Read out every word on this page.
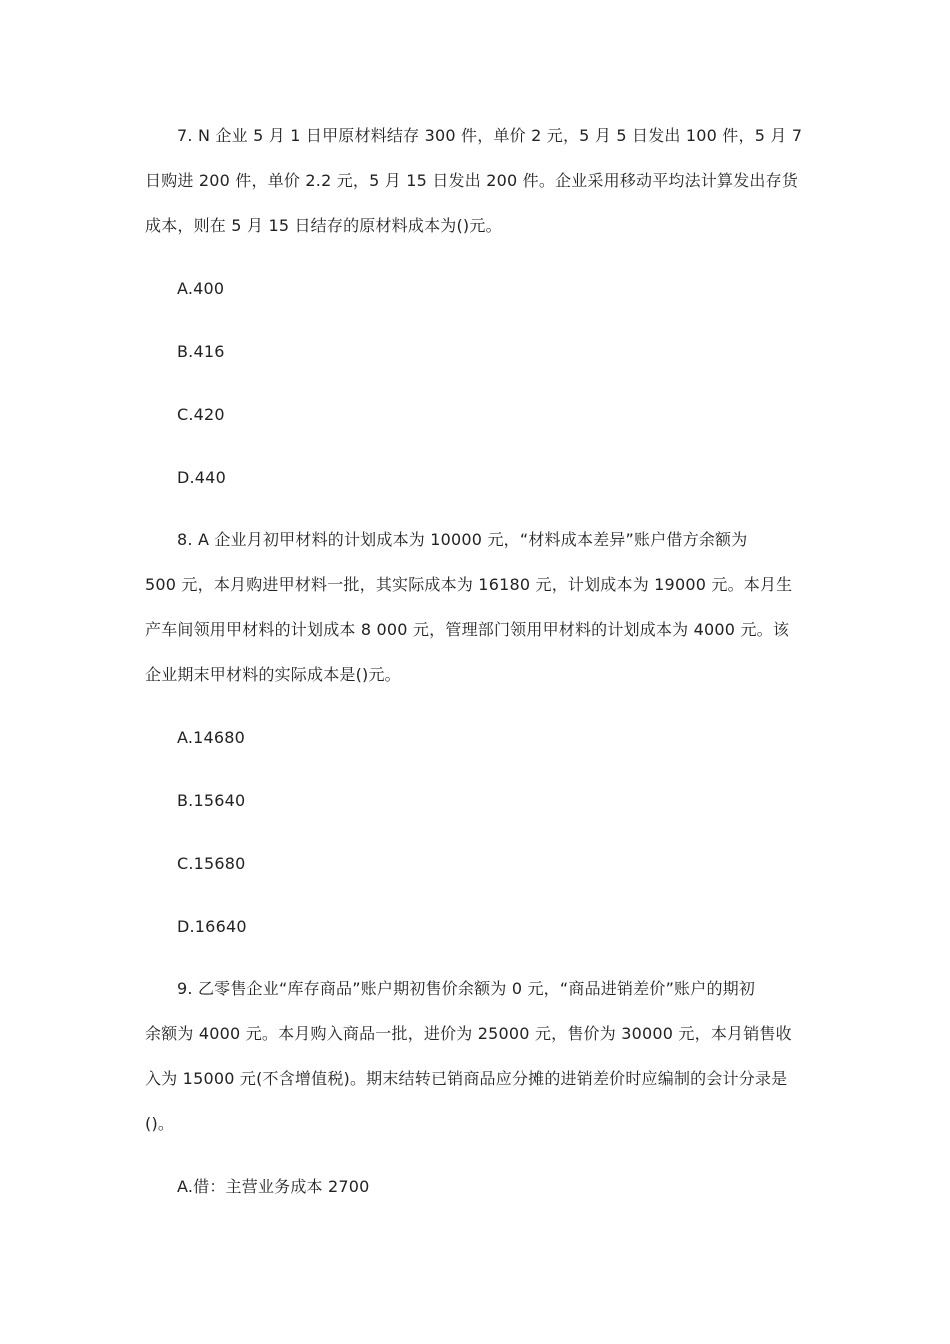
7. N 企业 5 月 1 日甲原材料结存 300 件，单价 2 元，5 月 5 日发出 100 件，5 月 7
日购进 200 件，单价 2.2 元，5 月 15 日发出 200 件。企业采用移动平均法计算发出存货
成本，则在 5 月 15 日结存的原材料成本为()元。
A.400
B.416
C.420
D.440
8. A 企业月初甲材料的计划成本为 10000 元，“材料成本差异”账户借方余额为
500 元，本月购进甲材料一批，其实际成本为 16180 元，计划成本为 19000 元。本月生
产车间领用甲材料的计划成本 8 000 元，管理部门领用甲材料的计划成本为 4000 元。该
企业期末甲材料的实际成本是()元。
A.14680
B.15640
C.15680
D.16640
9. 乙零售企业“库存商品”账户期初售价余额为 0 元，“商品进销差价”账户的期初
余额为 4000 元。本月购入商品一批，进价为 25000 元，售价为 30000 元，本月销售收
入为 15000 元(不含增值税)。期末结转已销商品应分摊的进销差价时应编制的会计分录是
()。
A.借：主营业务成本 2700
